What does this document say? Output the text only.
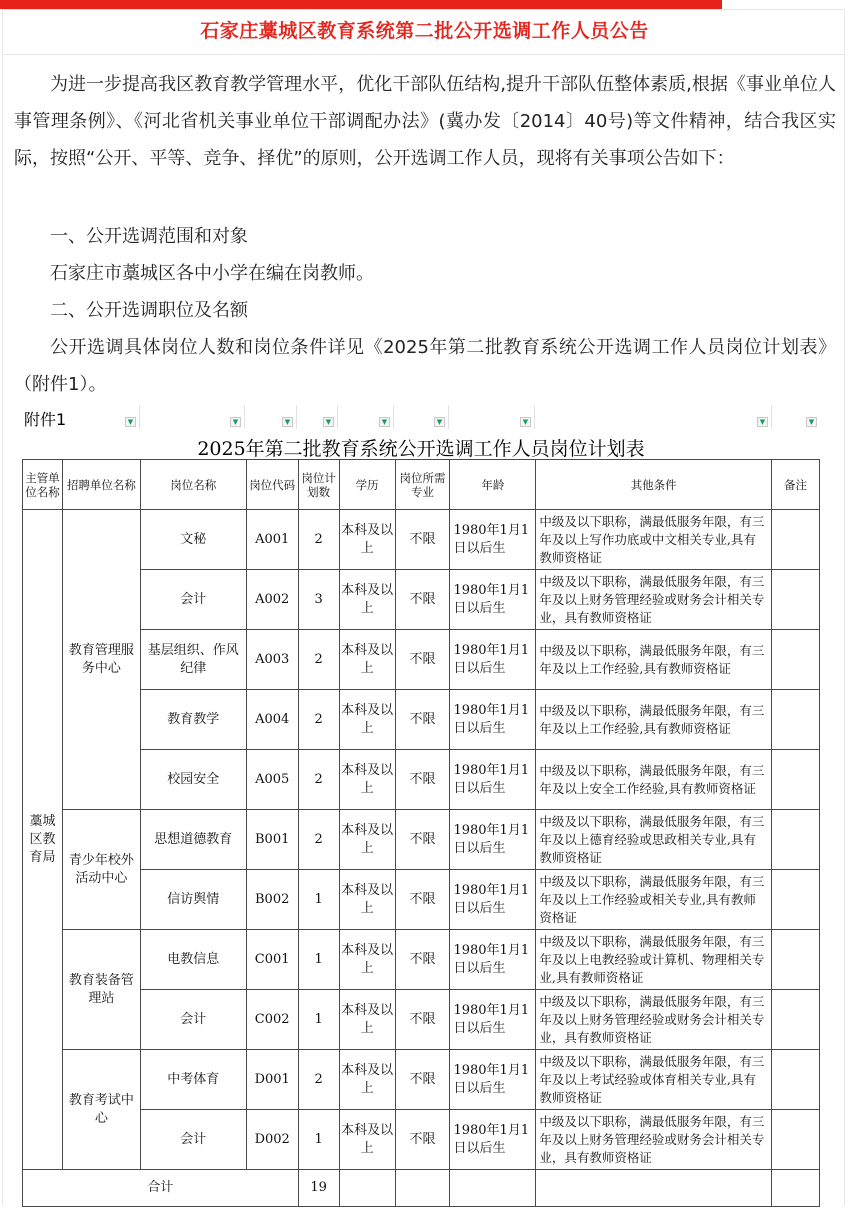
石家庄藁城区教育系统第二批公开选调工作人员公告

为进一步提高我区教育教学管理水平，优化干部队伍结构,提升干部队伍整体素质,根据《事业单位人事管理条例》、《河北省机关事业单位干部调配办法》(冀办发〔2014〕40号)等文件精神，结合我区实际，按照“公开、平等、竞争、择优”的原则，公开选调工作人员，现将有关事项公告如下：

一、公开选调范围和对象

石家庄市藁城区各中小学在编在岗教师。

二、公开选调职位及名额

公开选调具体岗位人数和岗位条件详见《2025年第二批教育系统公开选调工作人员岗位计划表》（附件1）。

▼	▼	▼	▼	▼	▼	▼	▼	▼
附件1
2025年第二批教育系统公开选调工作人员岗位计划表
主管单位名称	招聘单位名称	岗位名称	岗位代码	岗位计划数	学历	岗位所需专业	年龄	其他条件	备注
藁城区教育局	教育管理服务中心	文秘	A001	2	本科及以上	不限	1980年1月1日以后生	中级及以下职称，满最低服务年限，有三年及以上写作功底或中文相关专业,具有教师资格证	
		会计	A002	3	本科及以上	不限	1980年1月1日以后生	中级及以下职称，满最低服务年限，有三年及以上财务管理经验或财务会计相关专业，具有教师资格证	
		基层组织、作风纪律	A003	2	本科及以上	不限	1980年1月1日以后生	中级及以下职称，满最低服务年限，有三年及以上工作经验,具有教师资格证	
		教育教学	A004	2	本科及以上	不限	1980年1月1日以后生	中级及以下职称，满最低服务年限，有三年及以上工作经验,具有教师资格证	
		校园安全	A005	2	本科及以上	不限	1980年1月1日以后生	中级及以下职称，满最低服务年限，有三年及以上安全工作经验,具有教师资格证	
	青少年校外活动中心	思想道德教育	B001	2	本科及以上	不限	1980年1月1日以后生	中级及以下职称，满最低服务年限，有三年及以上德育经验或思政相关专业,具有教师资格证	
		信访舆情	B002	1	本科及以上	不限	1980年1月1日以后生	中级及以下职称，满最低服务年限，有三年及以上工作经验或相关专业,具有教师资格证	
	教育装备管理站	电教信息	C001	1	本科及以上	不限	1980年1月1日以后生	中级及以下职称，满最低服务年限，有三年及以上电教经验或计算机、物理相关专业,具有教师资格证	
		会计	C002	1	本科及以上	不限	1980年1月1日以后生	中级及以下职称，满最低服务年限，有三年及以上财务管理经验或财务会计相关专业，具有教师资格证	
	教育考试中心	中考体育	D001	2	本科及以上	不限	1980年1月1日以后生	中级及以下职称，满最低服务年限，有三年及以上考试经验或体育相关专业,具有教师资格证	
		会计	D002	1	本科及以上	不限	1980年1月1日以后生	中级及以下职称，满最低服务年限，有三年及以上财务管理经验或财务会计相关专业，具有教师资格证	
合计				19					
